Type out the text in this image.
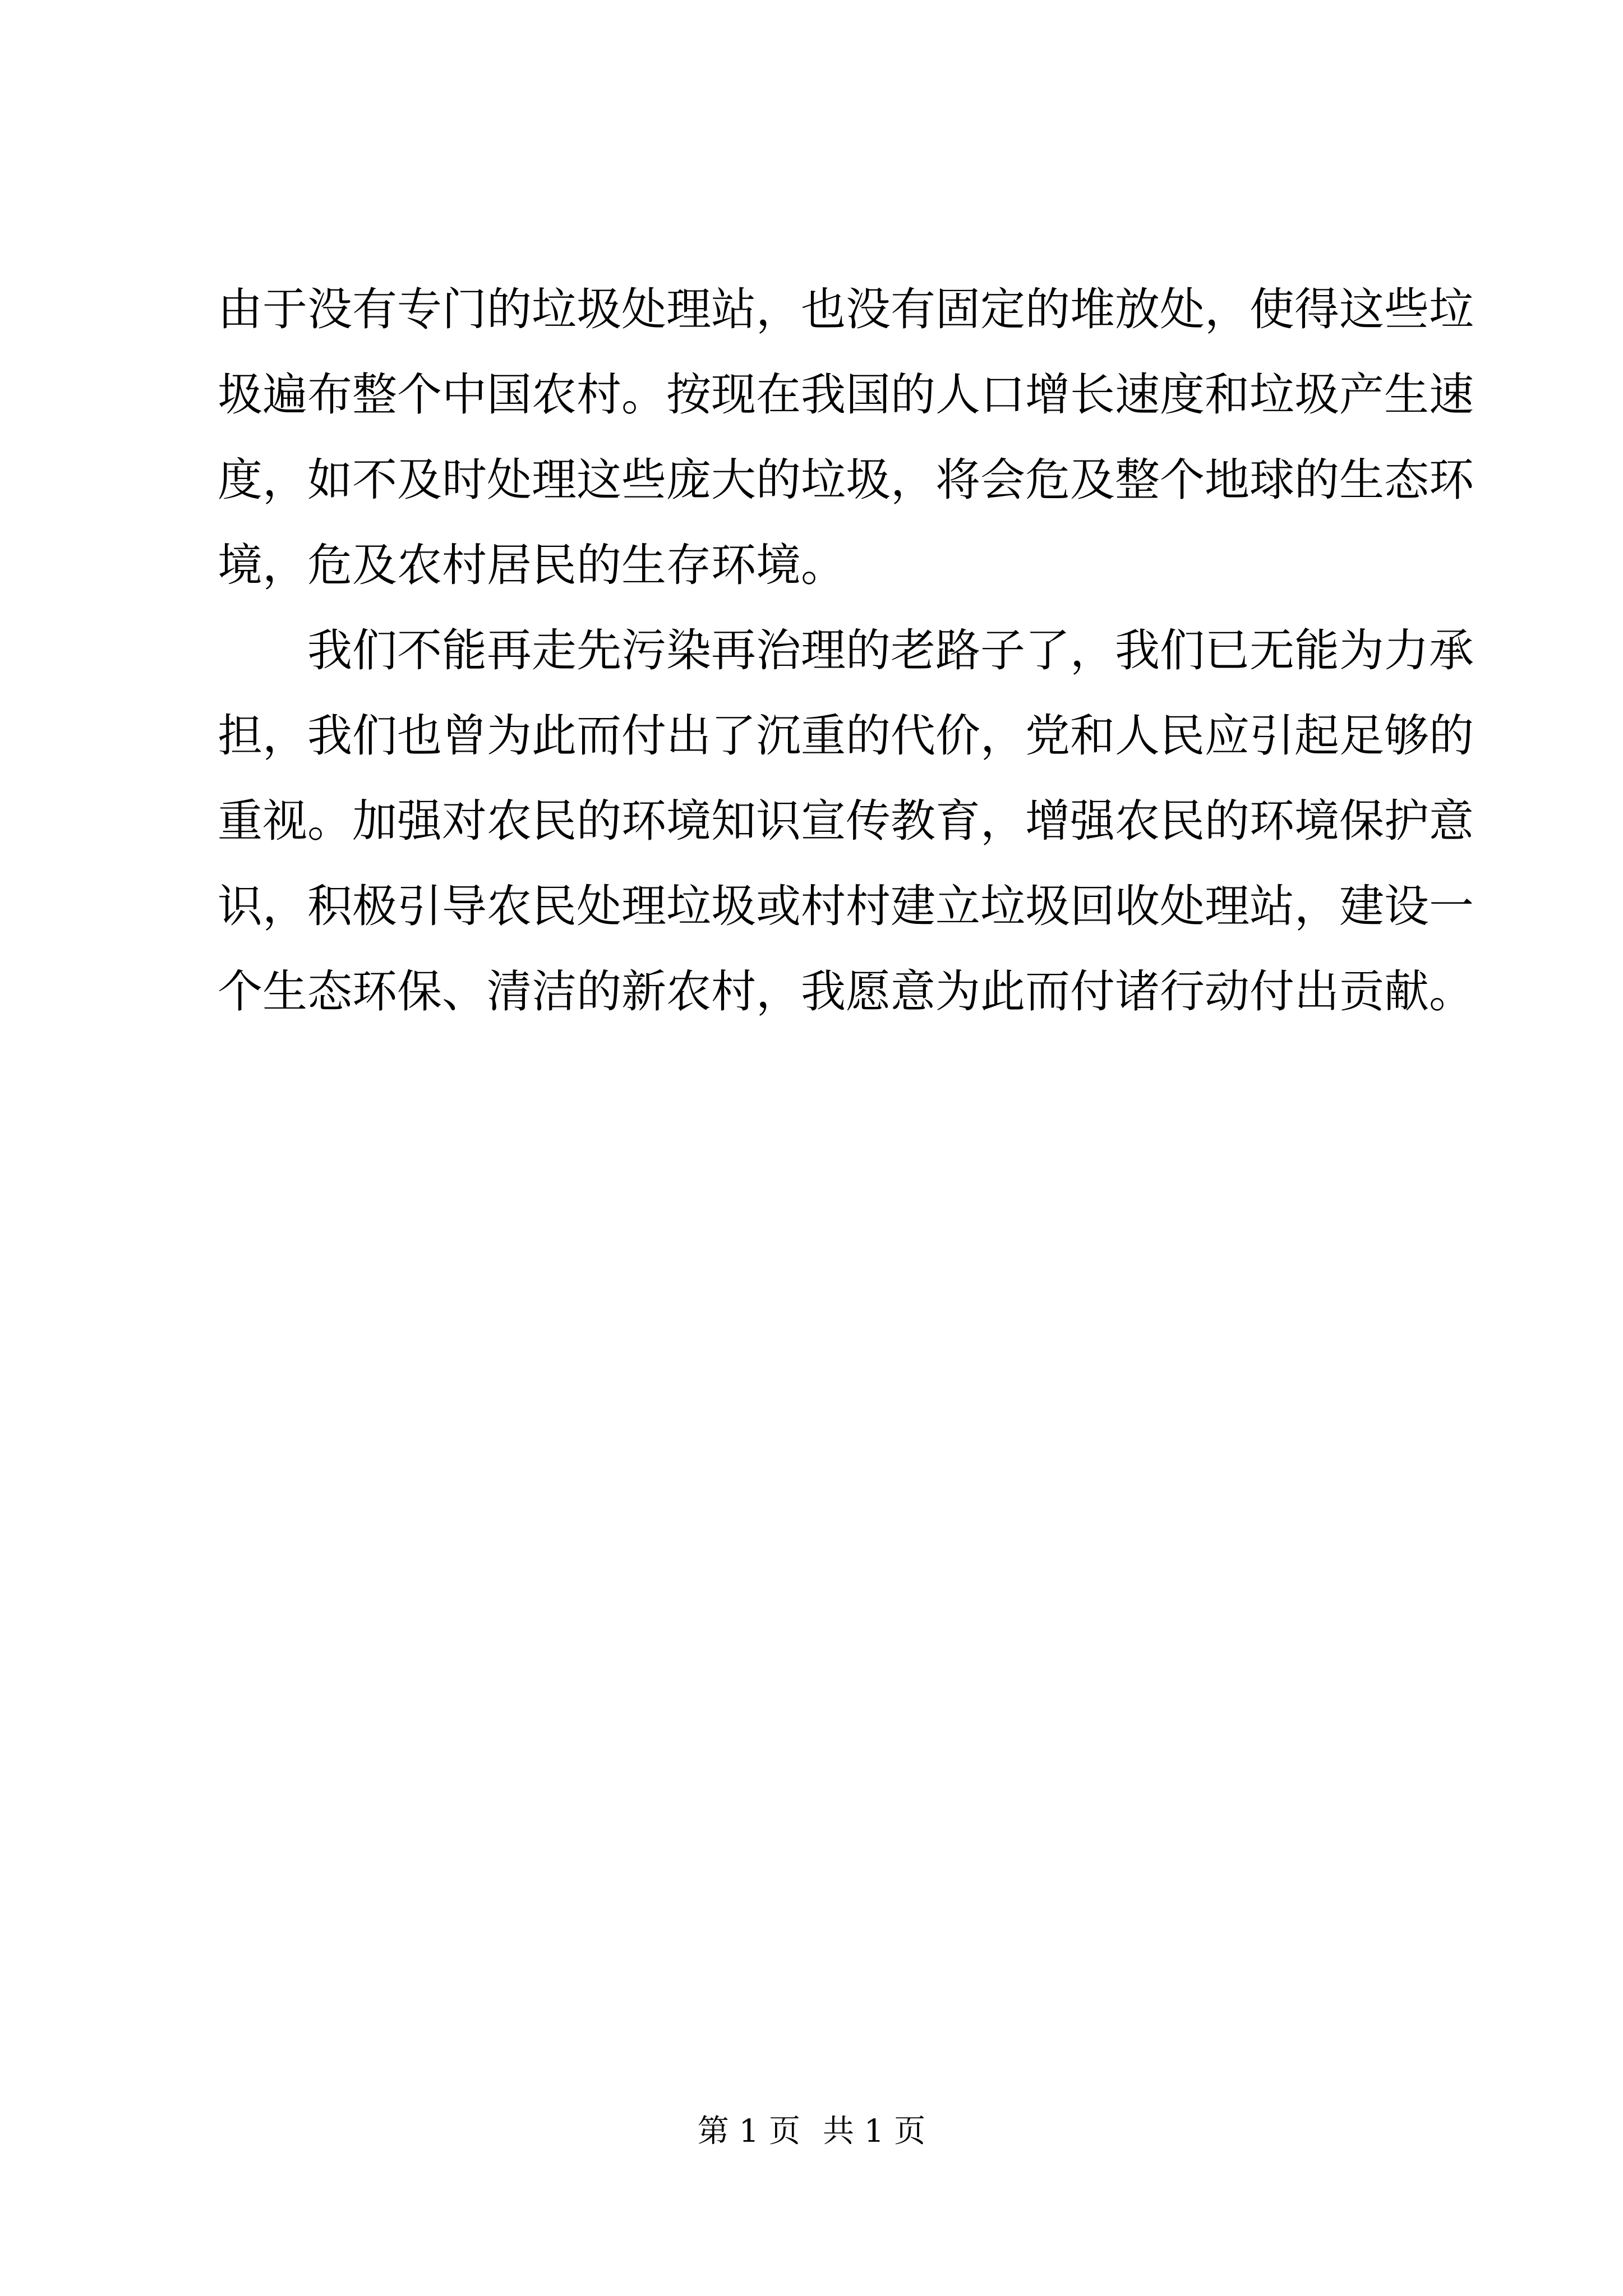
由于没有专门的垃圾处理站，也没有固定的堆放处，使得这些垃
圾遍布整个中国农村。按现在我国的人口增长速度和垃圾产生速
度，如不及时处理这些庞大的垃圾，将会危及整个地球的生态环
境，危及农村居民的生存环境。
我们不能再走先污染再治理的老路子了，我们已无能为力承
担，我们也曾为此而付出了沉重的代价，党和人民应引起足够的
重视。加强对农民的环境知识宣传教育，增强农民的环境保护意
识，积极引导农民处理垃圾或村村建立垃圾回收处理站，建设一
个生态环保、清洁的新农村，我愿意为此而付诸行动付出贡献。
第 1 页 共 1 页
